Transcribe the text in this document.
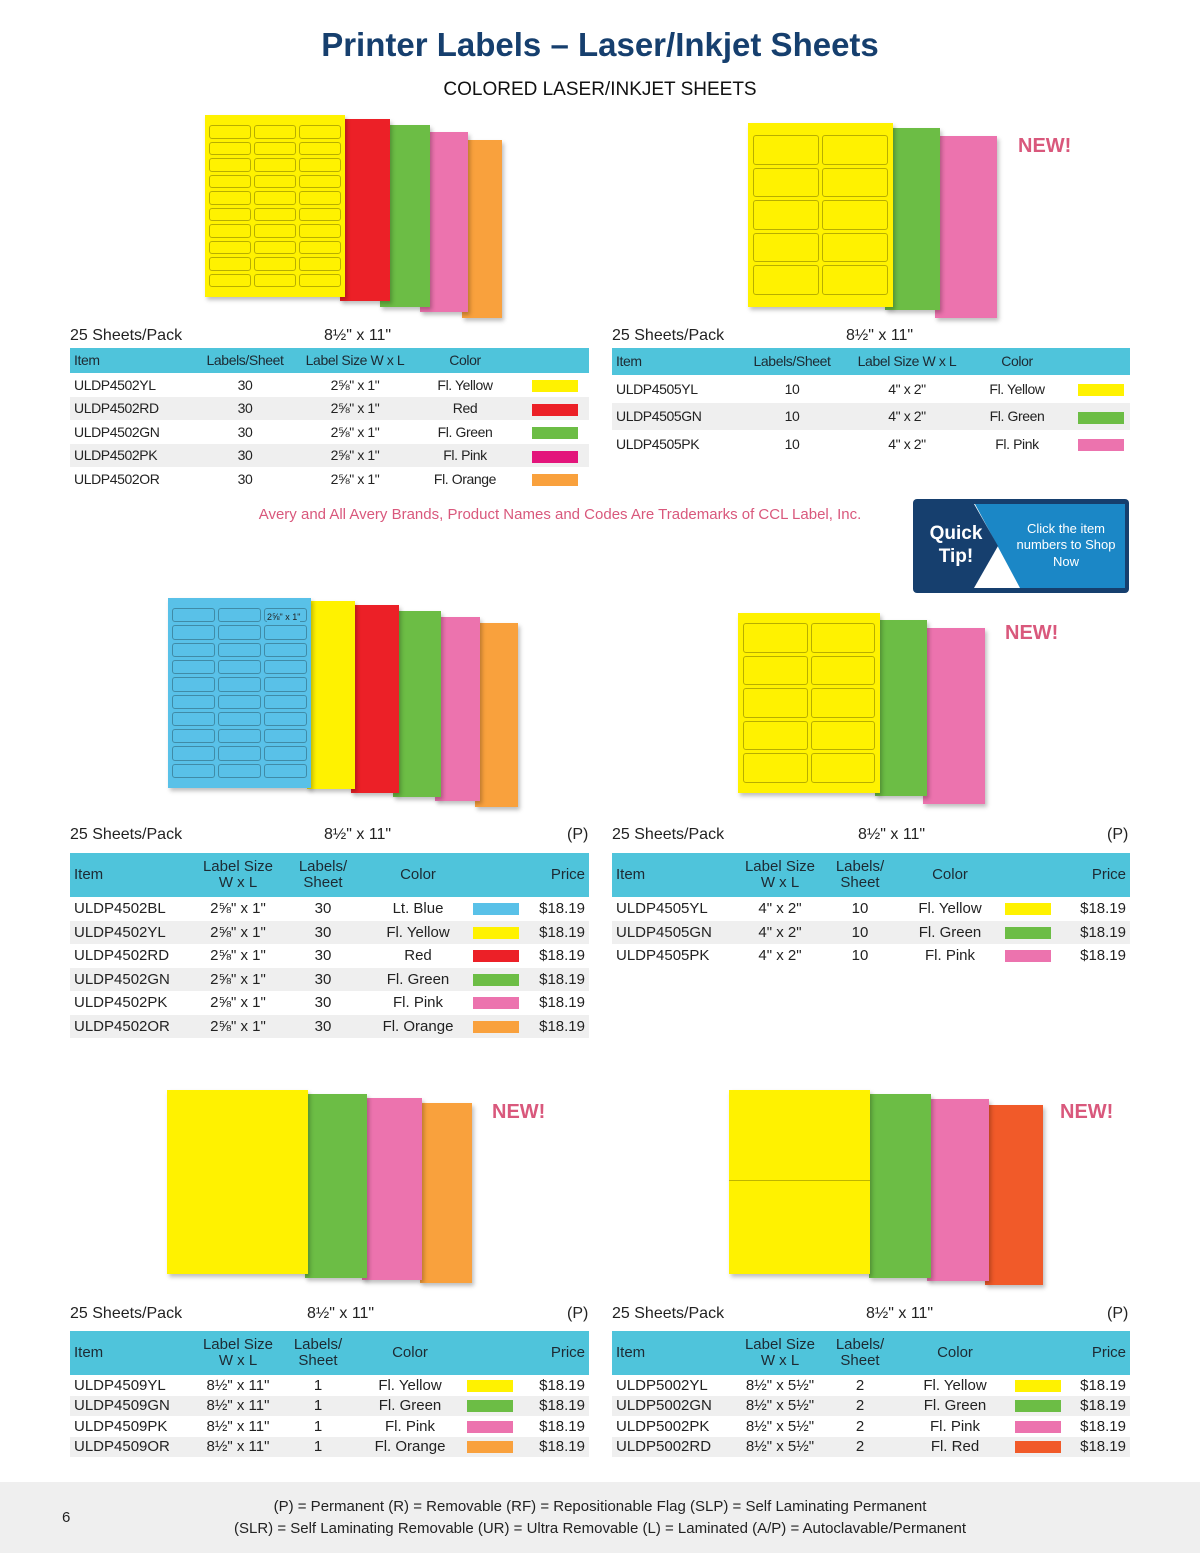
Printer Labels – Laser/Inkjet Sheets
COLORED LASER/INKJET SHEETS
25 Sheets/Pack	8½" x 11"
Item	Labels/Sheet	Label Size W x L	Color	
ULDP4502YL	30	2⅝" x 1"	Fl. Yellow	
ULDP4502RD	30	2⅝" x 1"	Red	
ULDP4502GN	30	2⅝" x 1"	Fl. Green	
ULDP4502PK	30	2⅝" x 1"	Fl. Pink	
ULDP4502OR	30	2⅝" x 1"	Fl. Orange	
NEW!
25 Sheets/Pack	8½" x 11"
Item	Labels/Sheet	Label Size W x L	Color	
ULDP4505YL	10	4" x 2"	Fl. Yellow	
ULDP4505GN	10	4" x 2"	Fl. Green	
ULDP4505PK	10	4" x 2"	Fl. Pink	
Avery and All Avery Brands, Product Names and Codes Are Trademarks of CCL Label, Inc.
Quick Tip!
Click the item numbers to Shop Now
2⅝" x 1"
25 Sheets/Pack	8½" x 11"	(P)
Item	Label Size W x L	Labels/ Sheet	Color		Price
ULDP4502BL	2⅝" x 1"	30	Lt. Blue		$18.19
ULDP4502YL	2⅝" x 1"	30	Fl. Yellow		$18.19
ULDP4502RD	2⅝" x 1"	30	Red		$18.19
ULDP4502GN	2⅝" x 1"	30	Fl. Green		$18.19
ULDP4502PK	2⅝" x 1"	30	Fl. Pink		$18.19
ULDP4502OR	2⅝" x 1"	30	Fl. Orange		$18.19
NEW!
25 Sheets/Pack	8½" x 11"	(P)
Item	Label Size W x L	Labels/ Sheet	Color		Price
ULDP4505YL	4" x 2"	10	Fl. Yellow		$18.19
ULDP4505GN	4" x 2"	10	Fl. Green		$18.19
ULDP4505PK	4" x 2"	10	Fl. Pink		$18.19
NEW!
25 Sheets/Pack	8½" x 11"	(P)
Item	Label Size W x L	Labels/ Sheet	Color		Price
ULDP4509YL	8½" x 11"	1	Fl. Yellow		$18.19
ULDP4509GN	8½" x 11"	1	Fl. Green		$18.19
ULDP4509PK	8½" x 11"	1	Fl. Pink		$18.19
ULDP4509OR	8½" x 11"	1	Fl. Orange		$18.19
NEW!
25 Sheets/Pack	8½" x 11"	(P)
Item	Label Size W x L	Labels/ Sheet	Color		Price
ULDP5002YL	8½" x 5½"	2	Fl. Yellow		$18.19
ULDP5002GN	8½" x 5½"	2	Fl. Green		$18.19
ULDP5002PK	8½" x 5½"	2	Fl. Pink		$18.19
ULDP5002RD	8½" x 5½"	2	Fl. Red		$18.19
6
(P) = Permanent (R) = Removable (RF) = Repositionable Flag (SLP) = Self Laminating Permanent
(SLR) = Self Laminating Removable (UR) = Ultra Removable (L) = Laminated (A/P) = Autoclavable/Permanent
